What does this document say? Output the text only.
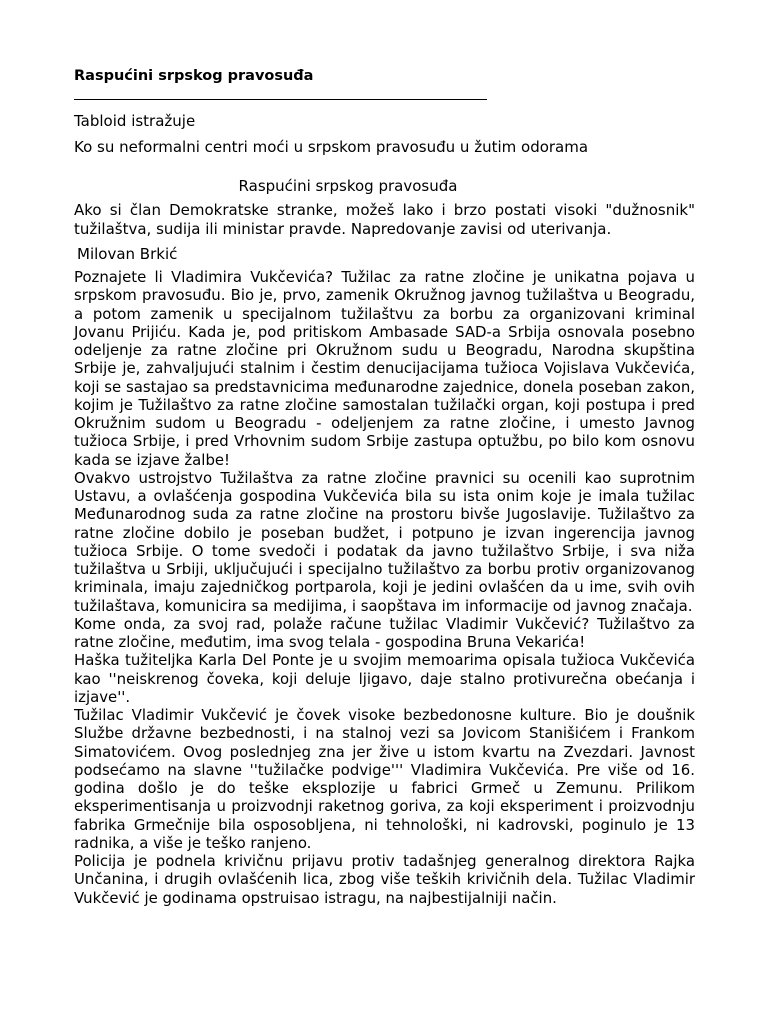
Raspućini srpskog pravosuđa

Tabloid istražuje

Ko su neformalni centri moći u srpskom pravosuđu u žutim odorama

Raspućini srpskog pravosuđa

Ako si član Demokratske stranke, možeš lako i brzo postati visoki "dužnosnik" tužilaštva, sudija ili ministar pravde. Napredovanje zavisi od uterivanja.

Milovan Brkić

Poznajete li Vladimira Vukčevića? Tužilac za ratne zločine je unikatna pojava u srpskom pravosuđu. Bio je, prvo, zamenik Okružnog javnog tužilaštva u Beogradu, a potom zamenik u specijalnom tužilaštvu za borbu za organizovani kriminal Jovanu Prijiću. Kada je, pod pritiskom Ambasade SAD-a Srbija osnovala posebno odeljenje za ratne zločine pri Okružnom sudu u Beogradu, Narodna skupština Srbije je, zahvaljujući stalnim i čestim denucijacijama tužioca Vojislava Vukčevića, koji se sastajao sa predstavnicima međunarodne zajednice, donela poseban zakon, kojim je Tužilaštvo za ratne zločine samostalan tužilački organ, koji postupa i pred Okružnim sudom u Beogradu - odeljenjem za ratne zločine, i umesto Javnog tužioca Srbije, i pred Vrhovnim sudom Srbije zastupa optužbu, po bilo kom osnovu kada se izjave žalbe!
Ovakvo ustrojstvo Tužilaštva za ratne zločine pravnici su ocenili kao suprotnim Ustavu, a ovlašćenja gospodina Vukčevića bila su ista onim koje je imala tužilac Međunarodnog suda za ratne zločine na prostoru bivše Jugoslavije. Tužilaštvo za ratne zločine dobilo je poseban budžet, i potpuno je izvan ingerencija javnog tužioca Srbije. O tome svedoči i podatak da javno tužilaštvo Srbije, i sva niža tužilaštva u Srbiji, uključujući i specijalno tužilaštvo za borbu protiv organizovanog kriminala, imaju zajedničkog portparola, koji je jedini ovlašćen da u ime, svih ovih tužilaštava, komunicira sa medijima, i saopštava im informacije od javnog značaja.
Kome onda, za svoj rad, polaže račune tužilac Vladimir Vukčević? Tužilaštvo za ratne zločine, međutim, ima svog telala - gospodina Bruna Vekarića!
Haška tužiteljka Karla Del Ponte je u svojim memoarima opisala tužioca Vukčevića kao ''neiskrenog čoveka, koji deluje ljigavo, daje stalno protivurečna obećanja i izjave''.
Tužilac Vladimir Vukčević je čovek visoke bezbedonosne kulture. Bio je doušnik Službe državne bezbednosti, i na stalnoj vezi sa Jovicom Stanišićem i Frankom Simatovićem. Ovog poslednjeg zna jer žive u istom kvartu na Zvezdari. Javnost podsećamo na slavne ''tužilačke podvige''' Vladimira Vukčevića. Pre više od 16. godina došlo je do teške eksplozije u fabrici Grmeč u Zemunu. Prilikom eksperimentisanja u proizvodnji raketnog goriva, za koji eksperiment i proizvodnju fabrika Grmečnije bila osposobljena, ni tehnološki, ni kadrovski, poginulo je 13 radnika, a više je teško ranjeno.
Policija je podnela krivičnu prijavu protiv tadašnjeg generalnog direktora Rajka Unčanina, i drugih ovlašćenih lica, zbog više teških krivičnih dela. Tužilac Vladimir Vukčević je godinama opstruisao istragu, na najbestijalniji način.
